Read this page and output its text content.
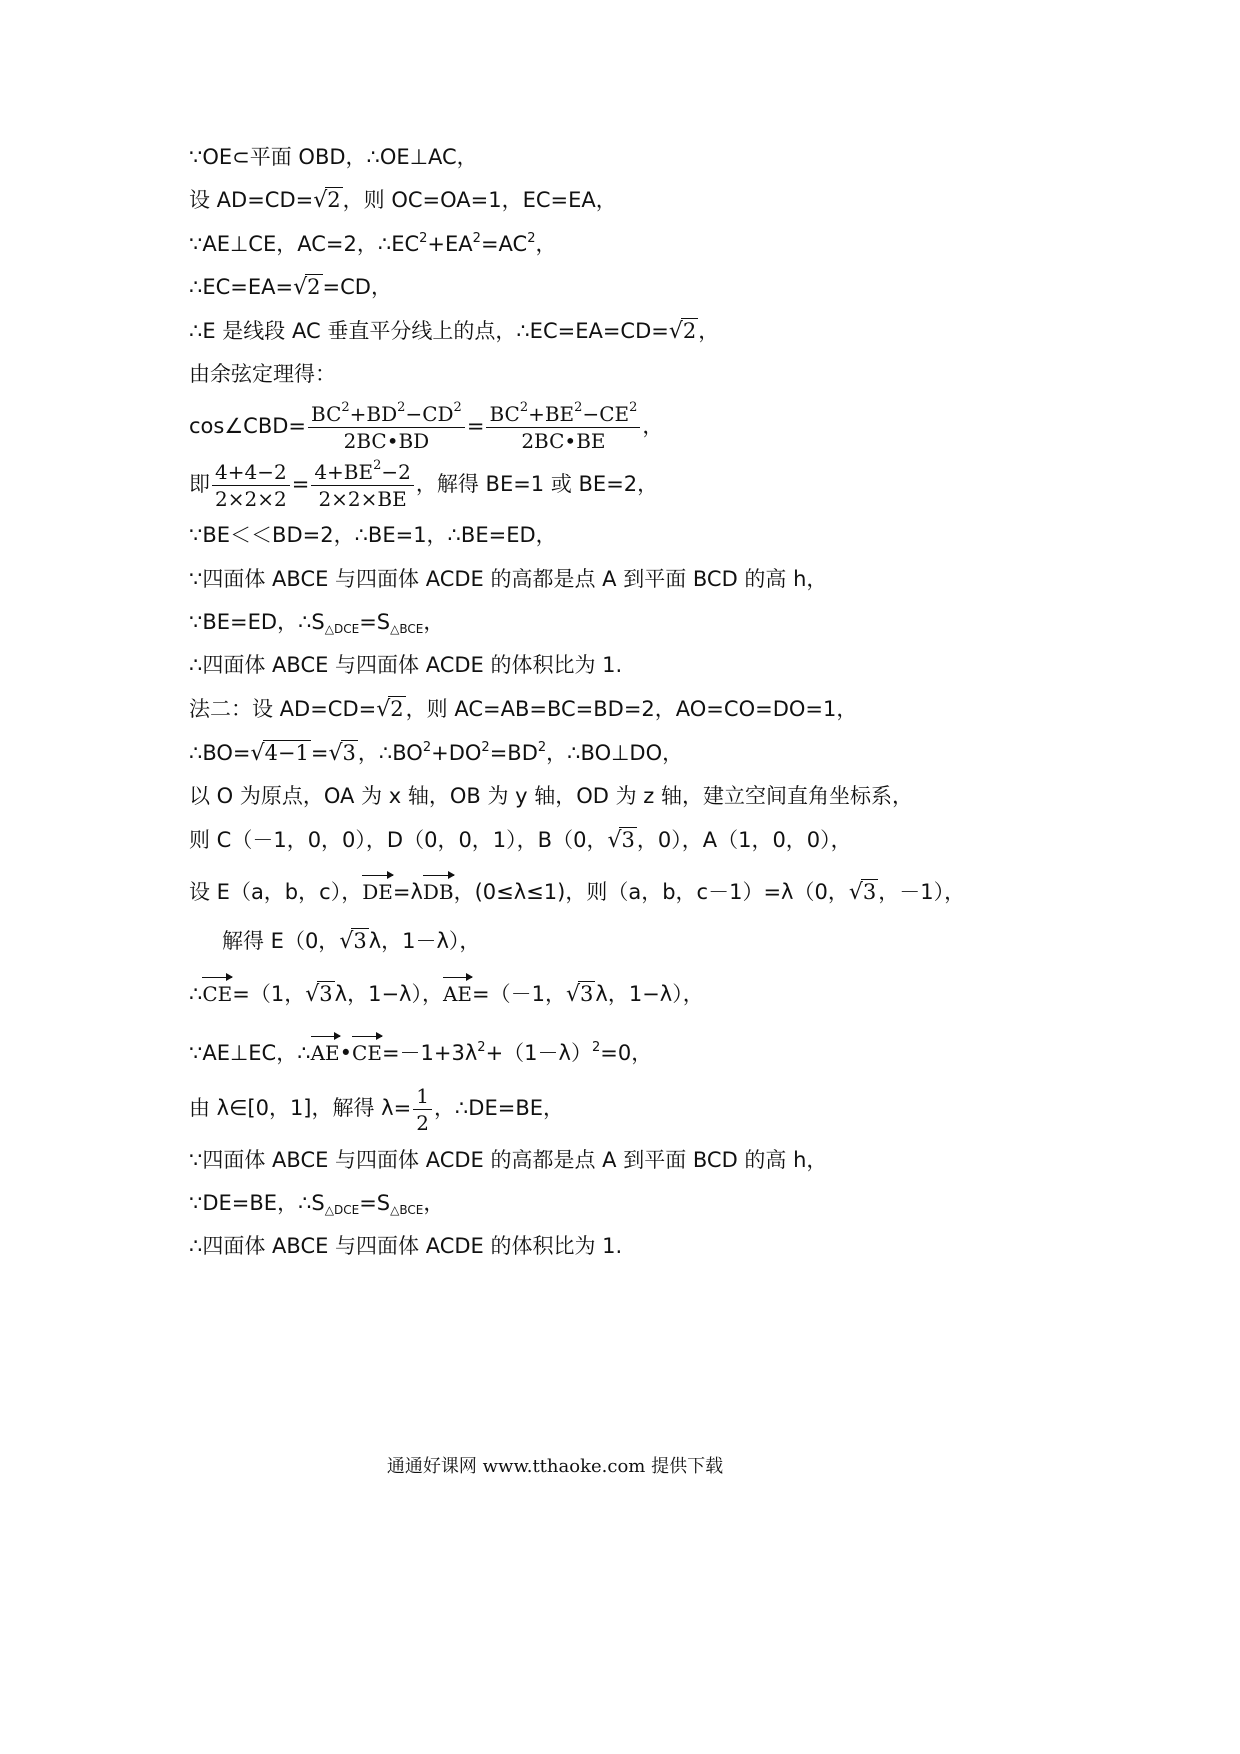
∵OE⊂平面 OBD，∴OE⊥AC，
设 AD=CD=√2，则 OC=OA=1，EC=EA，
∵AE⊥CE，AC=2，$\therefore EC^2+EA^2=AC^2$，
∴EC=EA=√2=CD，
∴E 是线段 AC 垂直平分线上的点，∴EC=EA=CD=√2，
由余弦定理得：
cos∠CBD= $\frac{BC^2+BD^2-CD^2}{2BC•BD} = \frac{BC^2+BE^2-CE^2}{2BC•BE}$ ，
即 $\frac{4+4-2}{2\times 2\times 2} = \frac{4+BE^2-2}{2\times 2\times BE}$ ，解得 BE=1 或 BE=2，
∵BE＜＜BD=2，∴BE=1，∴BE=ED，
∵四面体 ABCE 与四面体 ACDE 的高都是点 A 到平面 BCD 的高 h，
∵BE=ED，$\therefore S_{\triangle DCE}=S_{\triangle BCE}$，
∴四面体 ABCE 与四面体 ACDE 的体积比为 1.
法二：设 AD=CD=√2，则 AC=AB=BC=BD=2，AO=CO=DO=1，
∴BO=√4−1=√3，$\therefore BO^2+DO^2=BD^2$，∴BO⊥DO，
以 O 为原点，OA 为 x 轴，OB 为 y 轴，OD 为 z 轴，建立空间直角坐标系，
则 C（－1，0，0），D（0，0，1），B（0，√3，0），A（1，0，0），
设 E（a，b，c），
DE=λ
DB，(0≤λ≤1)，则（a，b，c－1）=λ（0，√3，－1），
解得 E（0，√3λ，1－λ），
∴
CE=（1，√3λ，1−λ），
AE=（－1，√3λ，1−λ），
∵AE⊥EC，∴
AE•
$CE=-1+3\lambda^2+(1-\lambda)^2=0$，
由 λ∈[0，1]，解得 $\lambda= \frac{1}{2}$ ，∴DE=BE，
∵四面体 ABCE 与四面体 ACDE 的高都是点 A 到平面 BCD 的高 h，
∵DE=BE，$\therefore S_{\triangle DCE}=S_{\triangle BCE}$，
∴四面体 ABCE 与四面体 ACDE 的体积比为 1.
通通好课网 www.tthaoke.com 提供下载
